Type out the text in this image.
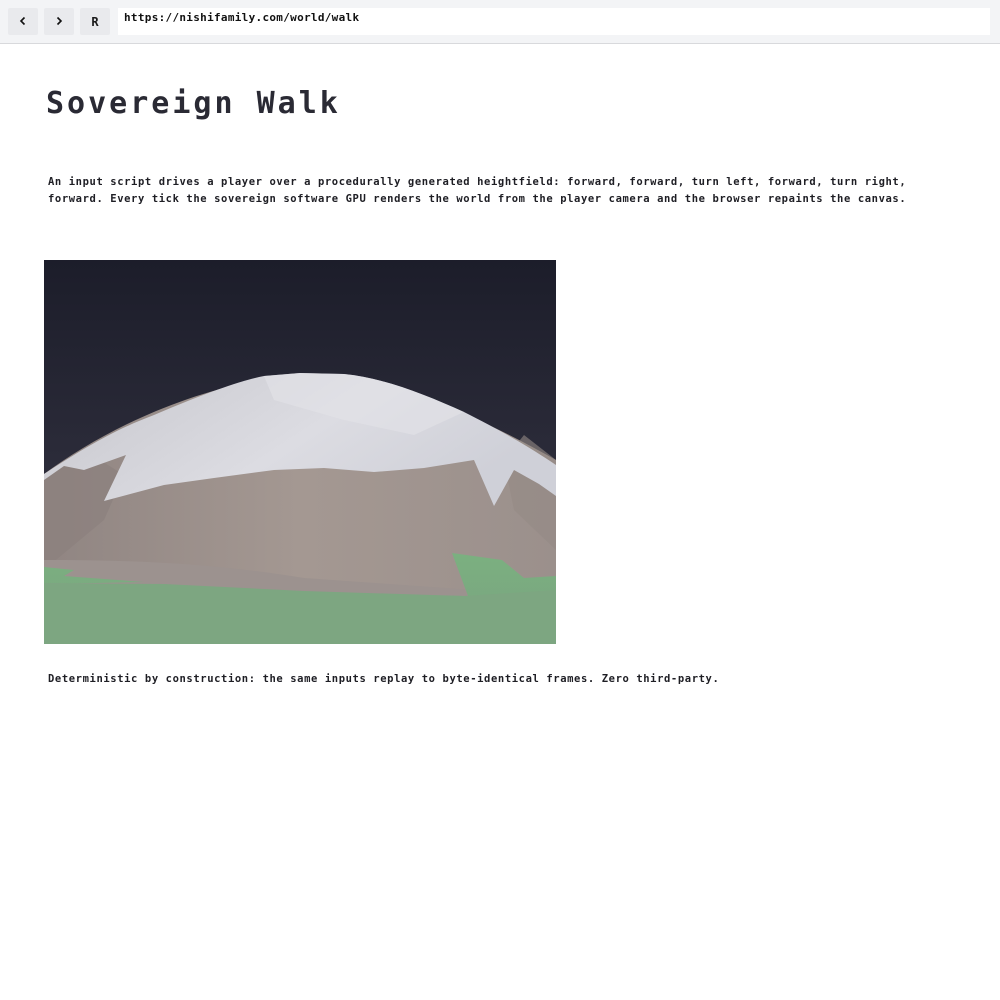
R	https://nishifamily.com/world/walk
Sovereign Walk

An input script drives a player over a procedurally generated heightfield: forward, forward, turn left, forward, turn right, forward. Every tick the sovereign software GPU renders the world from the player camera and the browser repaints the canvas.

Deterministic by construction: the same inputs replay to byte-identical frames. Zero third-party.
